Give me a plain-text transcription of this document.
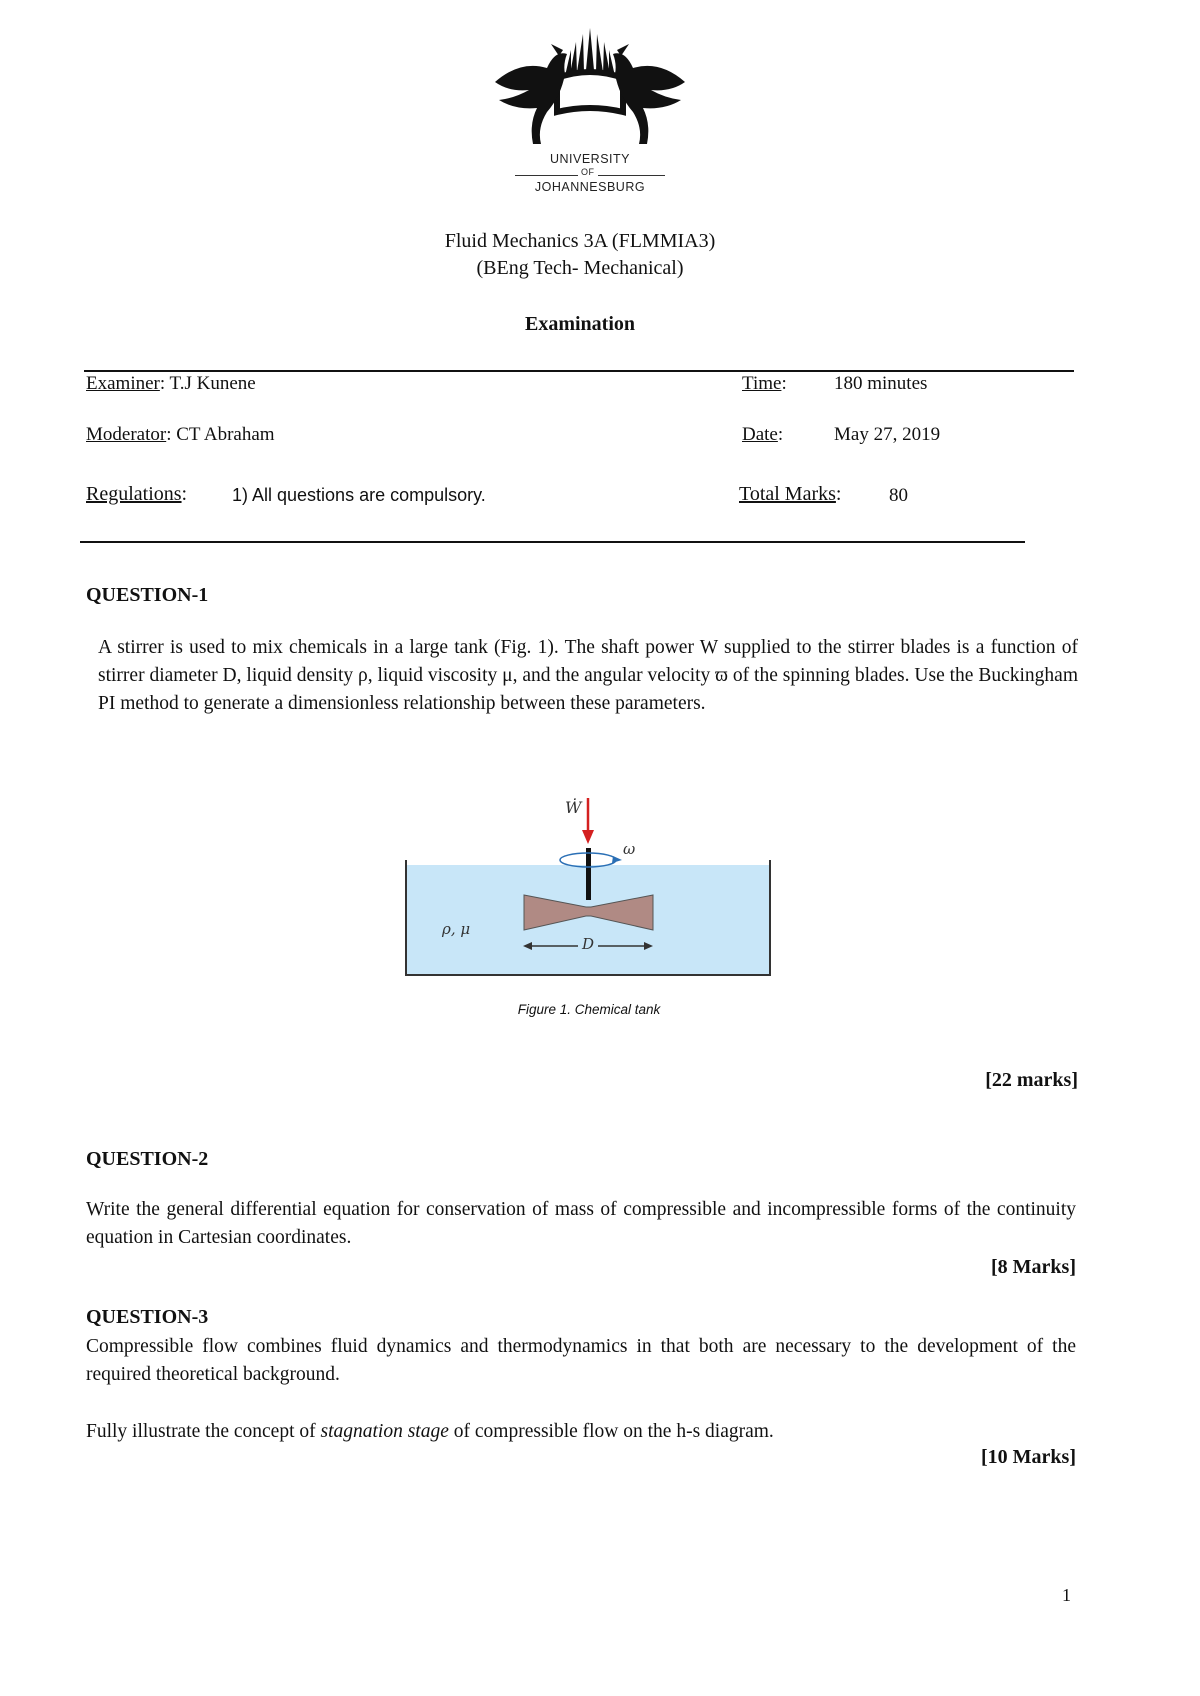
UNIVERSITY
OF
JOHANNESBURG
Fluid Mechanics 3A (FLMMIA3)
(BEng Tech- Mechanical)
Examination
Examiner: T.J Kunene	Time: 180 minutes
Moderator: CT Abraham	Date:	May 27, 2019
Regulations: 1) All questions are compulsory.	Total Marks:	80
QUESTION-1
A stirrer is used to mix chemicals in a large tank (Fig. 1). The shaft power W supplied to the stirrer blades is a function of stirrer diameter D, liquid density ρ, liquid viscosity μ, and the angular velocity ϖ of the spinning blades. Use the Buckingham PI method to generate a dimensionless relationship between these parameters.
Ẇ
ω
ρ, μ
D
Figure 1. Chemical tank
[22 marks]
QUESTION-2
Write the general differential equation for conservation of mass of compressible and incompressible forms of the continuity equation in Cartesian coordinates.
[8 Marks]
QUESTION-3
Compressible flow combines fluid dynamics and thermodynamics in that both are necessary to the development of the required theoretical background.
Fully illustrate the concept of stagnation stage of compressible flow on the h-s diagram.
[10 Marks]
1
